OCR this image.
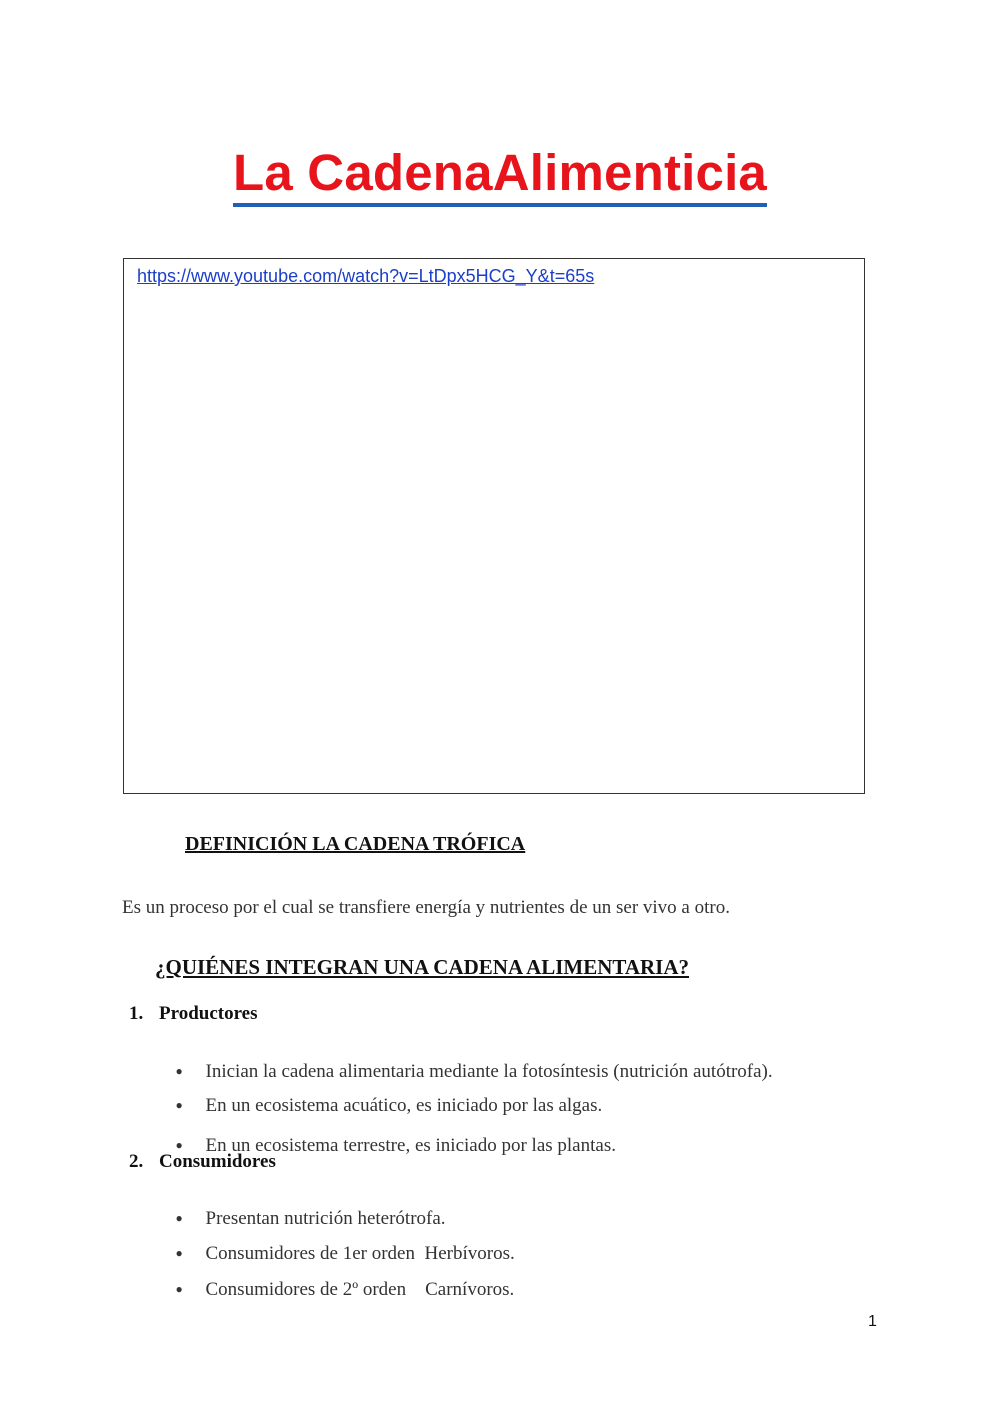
La CadenaAlimenticia
https://www.youtube.com/watch?v=LtDpx5HCG_Y&t=65s

DEFINICIÓN LA CADENA TRÓFICA

Es un proceso por el cual se transfiere energía y nutrientes de un ser vivo a otro.

¿QUIÉNES INTEGRAN UNA CADENA ALIMENTARIA?

1. Productores

● Inician la cadena alimentaria mediante la fotosíntesis (nutrición autótrofa).

● En un ecosistema acuático, es iniciado por las algas.

● En un ecosistema terrestre, es iniciado por las plantas.

2. Consumidores

● Presentan nutrición heterótrofa.

● Consumidores de 1er orden  Herbívoros.

● Consumidores de 2º orden    Carnívoros.

1
